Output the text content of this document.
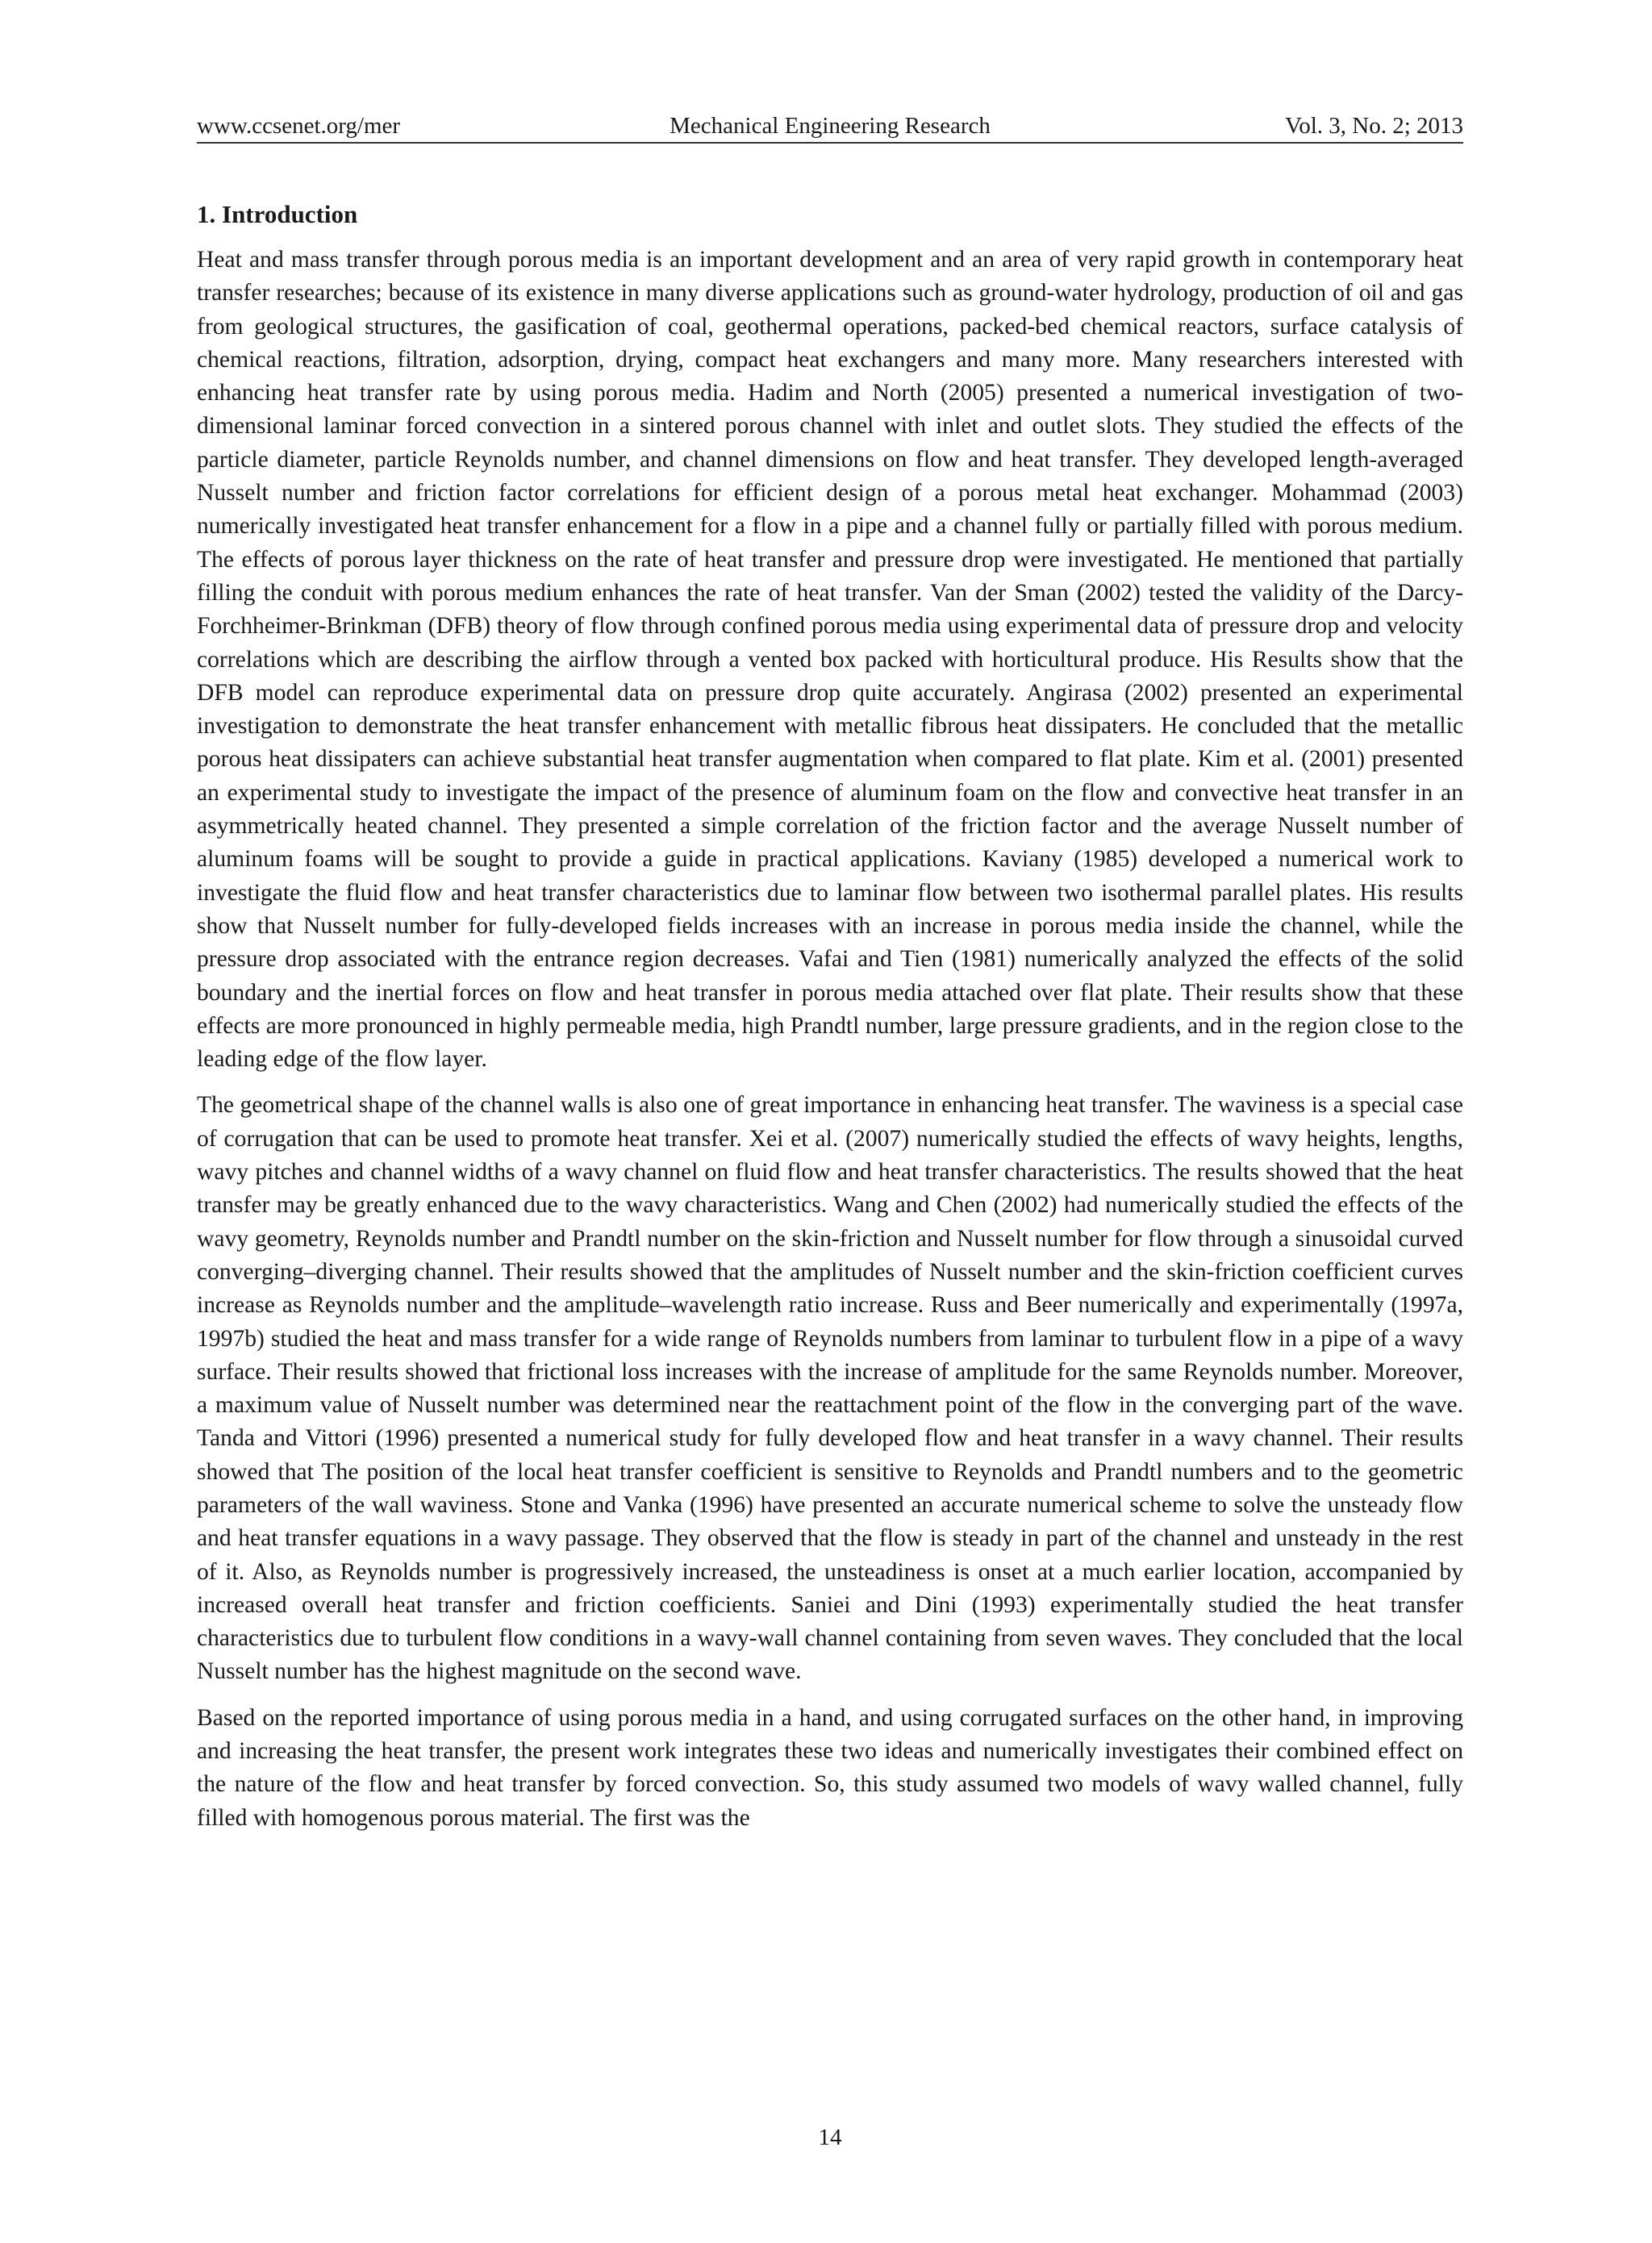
www.ccsenet.org/mer	Mechanical Engineering Research	Vol. 3, No. 2; 2013
1. Introduction

Heat and mass transfer through porous media is an important development and an area of very rapid growth in contemporary heat transfer researches; because of its existence in many diverse applications such as ground-water hydrology, production of oil and gas from geological structures, the gasification of coal, geothermal operations, packed-bed chemical reactors, surface catalysis of chemical reactions, filtration, adsorption, drying, compact heat exchangers and many more. Many researchers interested with enhancing heat transfer rate by using porous media. Hadim and North (2005) presented a numerical investigation of two-dimensional laminar forced convection in a sintered porous channel with inlet and outlet slots. They studied the effects of the particle diameter, particle Reynolds number, and channel dimensions on flow and heat transfer. They developed length-averaged Nusselt number and friction factor correlations for efficient design of a porous metal heat exchanger. Mohammad (2003) numerically investigated heat transfer enhancement for a flow in a pipe and a channel fully or partially filled with porous medium. The effects of porous layer thickness on the rate of heat transfer and pressure drop were investigated. He mentioned that partially filling the conduit with porous medium enhances the rate of heat transfer. Van der Sman (2002) tested the validity of the Darcy-Forchheimer-Brinkman (DFB) theory of flow through confined porous media using experimental data of pressure drop and velocity correlations which are describing the airflow through a vented box packed with horticultural produce. His Results show that the DFB model can reproduce experimental data on pressure drop quite accurately. Angirasa (2002) presented an experimental investigation to demonstrate the heat transfer enhancement with metallic fibrous heat dissipaters. He concluded that the metallic porous heat dissipaters can achieve substantial heat transfer augmentation when compared to flat plate. Kim et al. (2001) presented an experimental study to investigate the impact of the presence of aluminum foam on the flow and convective heat transfer in an asymmetrically heated channel. They presented a simple correlation of the friction factor and the average Nusselt number of aluminum foams will be sought to provide a guide in practical applications. Kaviany (1985) developed a numerical work to investigate the fluid flow and heat transfer characteristics due to laminar flow between two isothermal parallel plates. His results show that Nusselt number for fully-developed fields increases with an increase in porous media inside the channel, while the pressure drop associated with the entrance region decreases. Vafai and Tien (1981) numerically analyzed the effects of the solid boundary and the inertial forces on flow and heat transfer in porous media attached over flat plate. Their results show that these effects are more pronounced in highly permeable media, high Prandtl number, large pressure gradients, and in the region close to the leading edge of the flow layer.

The geometrical shape of the channel walls is also one of great importance in enhancing heat transfer. The waviness is a special case of corrugation that can be used to promote heat transfer. Xei et al. (2007) numerically studied the effects of wavy heights, lengths, wavy pitches and channel widths of a wavy channel on fluid flow and heat transfer characteristics. The results showed that the heat transfer may be greatly enhanced due to the wavy characteristics. Wang and Chen (2002) had numerically studied the effects of the wavy geometry, Reynolds number and Prandtl number on the skin-friction and Nusselt number for flow through a sinusoidal curved converging–diverging channel. Their results showed that the amplitudes of Nusselt number and the skin-friction coefficient curves increase as Reynolds number and the amplitude–wavelength ratio increase. Russ and Beer numerically and experimentally (1997a, 1997b) studied the heat and mass transfer for a wide range of Reynolds numbers from laminar to turbulent flow in a pipe of a wavy surface. Their results showed that frictional loss increases with the increase of amplitude for the same Reynolds number. Moreover, a maximum value of Nusselt number was determined near the reattachment point of the flow in the converging part of the wave. Tanda and Vittori (1996) presented a numerical study for fully developed flow and heat transfer in a wavy channel. Their results showed that The position of the local heat transfer coefficient is sensitive to Reynolds and Prandtl numbers and to the geometric parameters of the wall waviness. Stone and Vanka (1996) have presented an accurate numerical scheme to solve the unsteady flow and heat transfer equations in a wavy passage. They observed that the flow is steady in part of the channel and unsteady in the rest of it. Also, as Reynolds number is progressively increased, the unsteadiness is onset at a much earlier location, accompanied by increased overall heat transfer and friction coefficients. Saniei and Dini (1993) experimentally studied the heat transfer characteristics due to turbulent flow conditions in a wavy-wall channel containing from seven waves. They concluded that the local Nusselt number has the highest magnitude on the second wave.

Based on the reported importance of using porous media in a hand, and using corrugated surfaces on the other hand, in improving and increasing the heat transfer, the present work integrates these two ideas and numerically investigates their combined effect on the nature of the flow and heat transfer by forced convection. So, this study assumed two models of wavy walled channel, fully filled with homogenous porous material. The first was the

14
